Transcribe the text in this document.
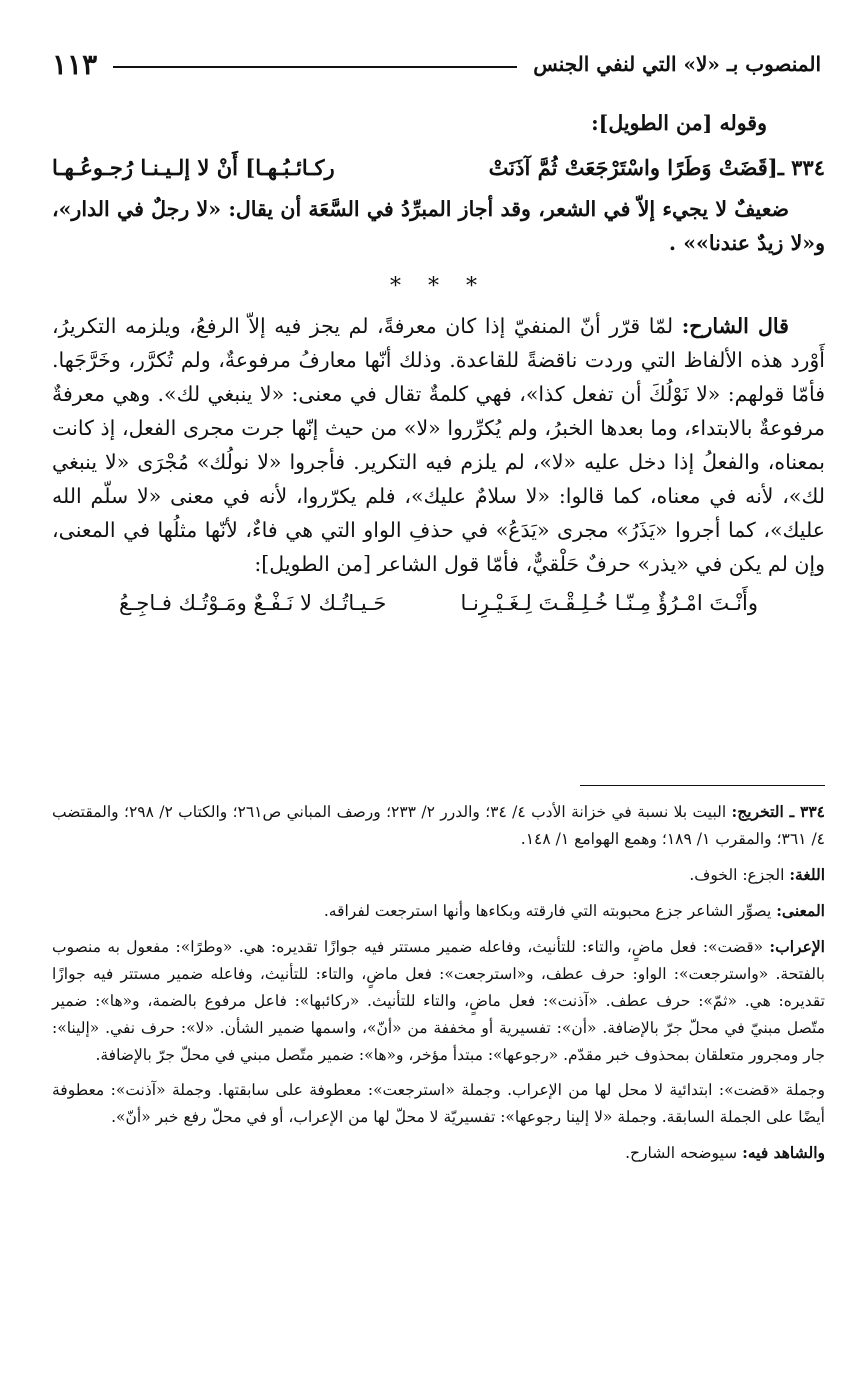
المنصوب بـ «لا» التي لنفي الجنس
١١٣

وقوله [من الطويل]:

٣٣٤ ـ[قَضَتْ وَطَرًا واسْتَرْجَعَتْ ثُمَّ آذَنَتْ
ركـائـبُـهـا] أَنْ لا إلـيـنـا رُجـوعُـهـا

ضعيفٌ لا يجيء إلاّ في الشعر، وقد أجاز المبرِّدُ في السَّعَة أن يقال: «لا رجلٌ في الدار»، و«لا زيدٌ عندنا»» .

* * *

قال الشارح: لمّا قرّر أنّ المنفيّ إذا كان معرفةً، لم يجز فيه إلاّ الرفعُ، ويلزمه التكريرُ، أَوْرد هذه الألفاظ التي وردت ناقضةً للقاعدة. وذلك أنّها معارفُ مرفوعةٌ، ولم تُكرَّر، وخَرَّجَها. فأمّا قولهم: «لا نَوْلُكَ أن تفعل كذا»، فهي كلمةٌ تقال في معنى: «لا ينبغي لك». وهي معرفةٌ مرفوعةٌ بالابتداء، وما بعدها الخبرُ، ولم يُكرِّروا «لا» من حيث إنّها جرت مجرى الفعل، إذ كانت بمعناه، والفعلُ إذا دخل عليه «لا»، لم يلزم فيه التكرير. فأجروا «لا نولُك» مُجْرَى «لا ينبغي لك»، لأنه في معناه، كما قالوا: «لا سلامٌ عليك»، فلم يكرّروا، لأنه في معنى «لا سلّم الله عليك»، كما أجروا «يَذَرُ» مجرى «يَدَعُ» في حذفِ الواو التي هي فاءٌ، لأنّها مثلُها في المعنى، وإن لم يكن في «يذر» حرفٌ حَلْقيٌّ، فأمّا قول الشاعر [من الطويل]:

وأَنْـتَ امْـرُؤٌ مِـنّـا خُـلِـقْـتَ لِـغَـيْـرِنـا
حَـيـاتُـك لا نَـفْـعٌ ومَـوْتُـك فـاجِـعُ

٣٣٤ ـ التخريج: البيت بلا نسبة في خزانة الأدب ٤/ ٣٤؛ والدرر ٢/ ٢٣٣؛ ورصف المباني ص٢٦١؛ والكتاب ٢/ ٢٩٨؛ والمقتضب ٤/ ٣٦١؛ والمقرب ١/ ١٨٩؛ وهمع الهوامع ١/ ١٤٨.

اللغة: الجزع: الخوف.

المعنى: يصوِّر الشاعر جزع محبوبته التي فارقته وبكاءها وأنها استرجعت لفراقه.

الإعراب: «قضت»: فعل ماضٍ، والتاء: للتأنيث، وفاعله ضمير مستتر فيه جوازًا تقديره: هي. «وطرًا»: مفعول به منصوب بالفتحة. «واسترجعت»: الواو: حرف عطف، و«استرجعت»: فعل ماضٍ، والتاء: للتأنيث، وفاعله ضمير مستتر فيه جوازًا تقديره: هي. «ثمّ»: حرف عطف. «آذنت»: فعل ماضٍ، والتاء للتأنيث. «ركائبها»: فاعل مرفوع بالضمة، و«ها»: ضمير متّصل مبنيّ في محلّ جرّ بالإضافة. «أن»: تفسيرية أو مخففة من «أنّ»، واسمها ضمير الشأن. «لا»: حرف نفي. «إلينا»: جار ومجرور متعلقان بمحذوف خبر مقدّم. «رجوعها»: مبتدأ مؤخر، و«ها»: ضمير متّصل مبني في محلّ جرّ بالإضافة.

وجملة «قضت»: ابتدائية لا محل لها من الإعراب. وجملة «استرجعت»: معطوفة على سابقتها. وجملة «آذنت»: معطوفة أيضًا على الجملة السابقة. وجملة «لا إلينا رجوعها»: تفسيريّة لا محلّ لها من الإعراب، أو في محلّ رفع خبر «أنّ».

والشاهد فيه: سيوضحه الشارح.
